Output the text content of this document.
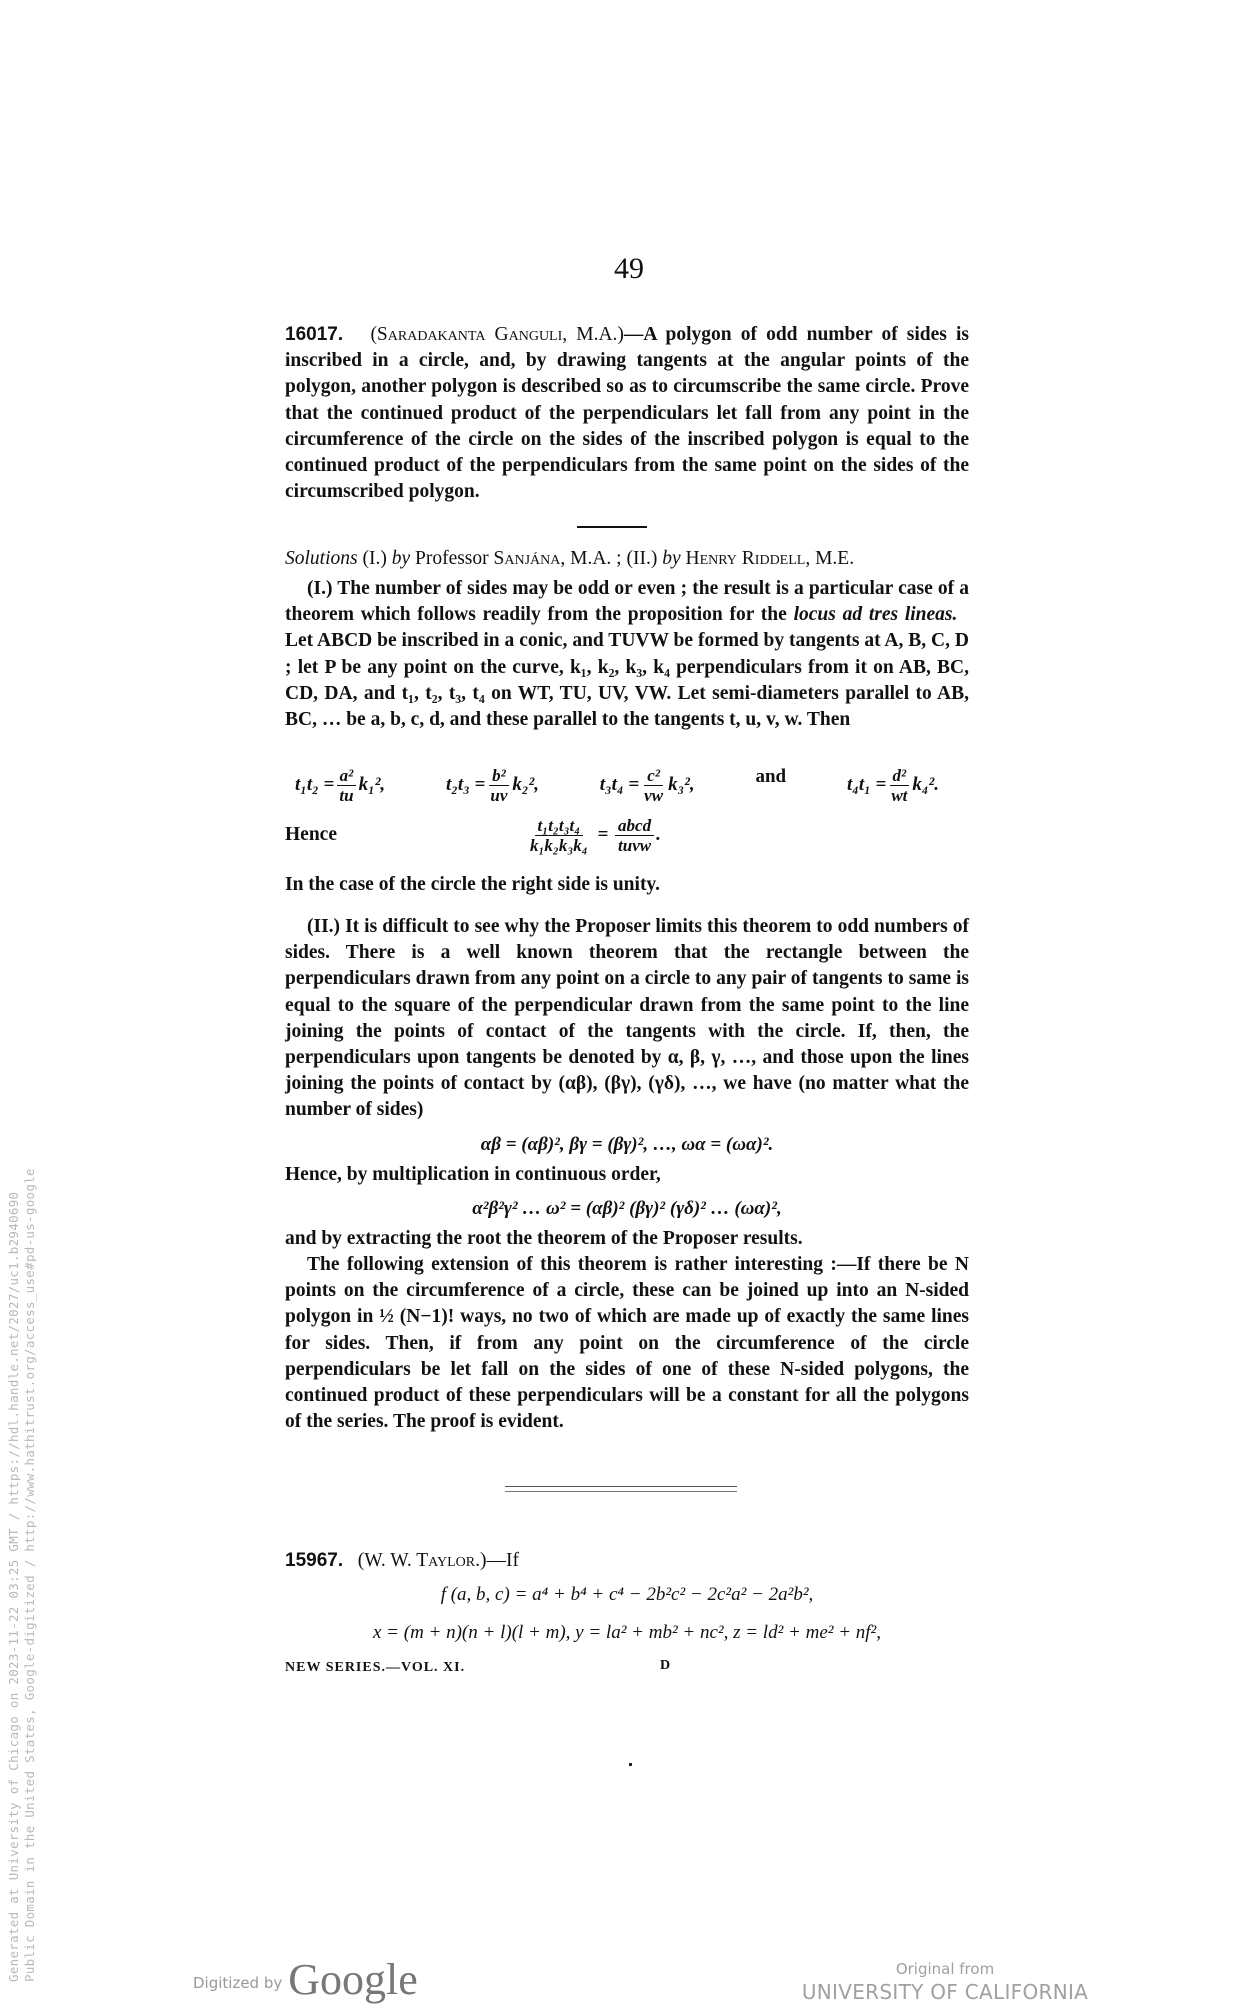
49

16017. (Saradakanta Ganguli, M.A.)—A polygon of odd number of sides is inscribed in a circle, and, by drawing tangents at the angular points of the polygon, another polygon is described so as to circumscribe the same circle. Prove that the continued product of the perpendiculars let fall from any point in the circumference of the circle on the sides of the inscribed polygon is equal to the continued product of the perpendiculars from the same point on the sides of the circumscribed polygon.

Solutions (I.) by Professor Sanjána, M.A. ; (II.) by Henry Riddell, M.E.

(I.) The number of sides may be odd or even ; the result is a particular case of a theorem which follows readily from the proposition for the locus ad tres lineas.   Let ABCD be inscribed in a conic, and TUVW be formed by tangents at A, B, C, D ; let P be any point on the curve, k₁, k₂, k₃, k₄ perpendiculars from it on AB, BC, CD, DA, and t₁, t₂, t₃, t₄ on WT, TU, UV, VW. Let semi-diameters parallel to AB, BC, … be a, b, c, d, and these parallel to the tangents t, u, v, w. Then

$t_1t_2 = \frac{\text{a²}}{tu} k_1^2$,	$t_2t_3 = \frac{\text{b²}}{uv} k_2^2$,	$t_3t_4 = \frac{\text{c²}}{vw} k_3^2$,	and	$t_4t_1 = \frac{\text{d²}}{wt} k_4^2$.
Hence	$\frac{\text{t₁t₂t₃t₄}}{\text{k₁k₂k₃k₄}} = \frac{\text{abcd}}{\text{tuvw}}$ .

In the case of the circle the right side is unity.

(II.) It is difficult to see why the Proposer limits this theorem to odd numbers of sides. There is a well known theorem that the rectangle between the perpendiculars drawn from any point on a circle to any pair of tangents to same is equal to the square of the perpendicular drawn from the same point to the line joining the points of contact of the tangents with the circle. If, then, the perpendiculars upon tangents be denoted by α, β, γ, …, and those upon the lines joining the points of contact by (αβ), (βγ), (γδ), …, we have (no matter what the number of sides)

αβ = (αβ)², βγ = (βγ)², …, ωα = (ωα)².

Hence, by multiplication in continuous order,

α²β²γ² … ω² = (αβ)² (βγ)² (γδ)² … (ωα)²,

and by extracting the root the theorem of the Proposer results.

The following extension of this theorem is rather interesting :—If there be N points on the circumference of a circle, these can be joined up into an N-sided polygon in ½ (N−1)! ways, no two of which are made up of exactly the same lines for sides. Then, if from any point on the circumference of the circle perpendiculars be let fall on the sides of one of these N-sided polygons, the continued product of these perpendiculars will be a constant for all the polygons of the series. The proof is evident.

15967. (W. W. Taylor.)—If

f (a, b, c) = a⁴ + b⁴ + c⁴ − 2b²c² − 2c²a² − 2a²b²,
x = (m + n)(n + l)(l + m), y = la² + mb² + nc², z = ld² + me² + nf²,
NEW SERIES.—VOL. XI.	D
Generated at University of Chicago on 2023-11-22 03:25 GMT / https://hdl.handle.net/2027/uc1.b2940690 Public Domain in the United States, Google-digitized / http://www.hathitrust.org/access_use#pd-us-google
Digitized by Google	Original from
UNIVERSITY OF CALIFORNIA
